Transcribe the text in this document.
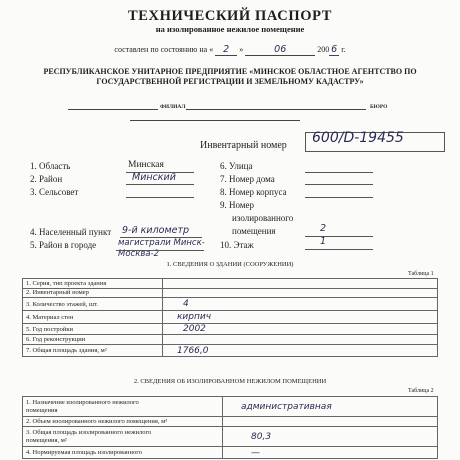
ТЕХНИЧЕСКИЙ ПАСПОРТ
на изолированное нежилое помещение
составлен по состоянию на « 2 »	06	200 6 г.
РЕСПУБЛИКАНСКОЕ УНИТАРНОЕ ПРЕДПРИЯТИЕ «МИНСКОЕ ОБЛАСТНОЕ АГЕНТСТВО ПО ГОСУДАРСТВЕННОЙ РЕГИСТРАЦИИ И ЗЕМЕЛЬНОМУ КАДАСТРУ»
ФИЛИАЛ	БЮРО
Инвентарный номер 600/D-19455
1. Область	Минская
2. Район	Минский
3. Сельсовет
4. Населенный пункт 9-й километр
5. Район в городе	магистрали Минск-
Москва-2
6. Улица
7. Номер дома
8. Номер корпуса
9. Номер
изолированного
помещения	2
10. Этаж	1
1. СВЕДЕНИЯ О ЗДАНИИ (СООРУЖЕНИИ)
Таблица 1
1. Серия, тип проекта здания	
2. Инвентарный номер	
3. Количество этажей, шт.	4
4. Материал стен	кирпич
5. Год постройки	2002
6. Год реконструкции	
7. Общая площадь здания, м²	1766,0
2. СВЕДЕНИЯ ОБ ИЗОЛИРОВАННОМ НЕЖИЛОМ ПОМЕЩЕНИИ
Таблица 2
1. Назначение изолированного нежилого
помещения	административная
2. Объем изолированного нежилого помещения, м³	

3. Общая площадь изолированного нежилого
помещения, м²	80,3
4. Нормируемая площадь изолированного	—
